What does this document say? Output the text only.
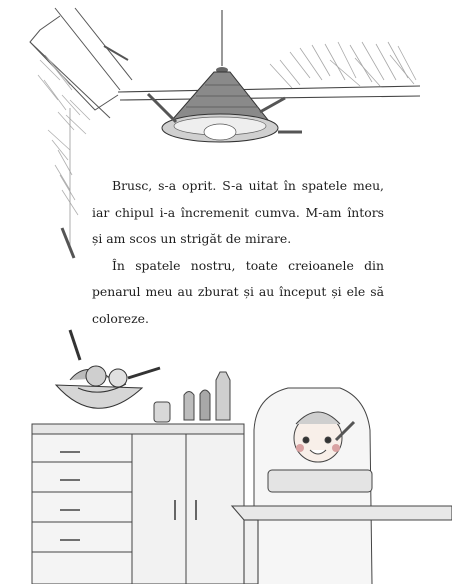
Brusc, s-a oprit. S-a uitat în spatele meu, iar chipul i-a încremenit cumva. M-am întors și am scos un strigăt de mirare.

În spatele nostru, toate creioanele din penarul meu au zburat și au început și ele să coloreze.
